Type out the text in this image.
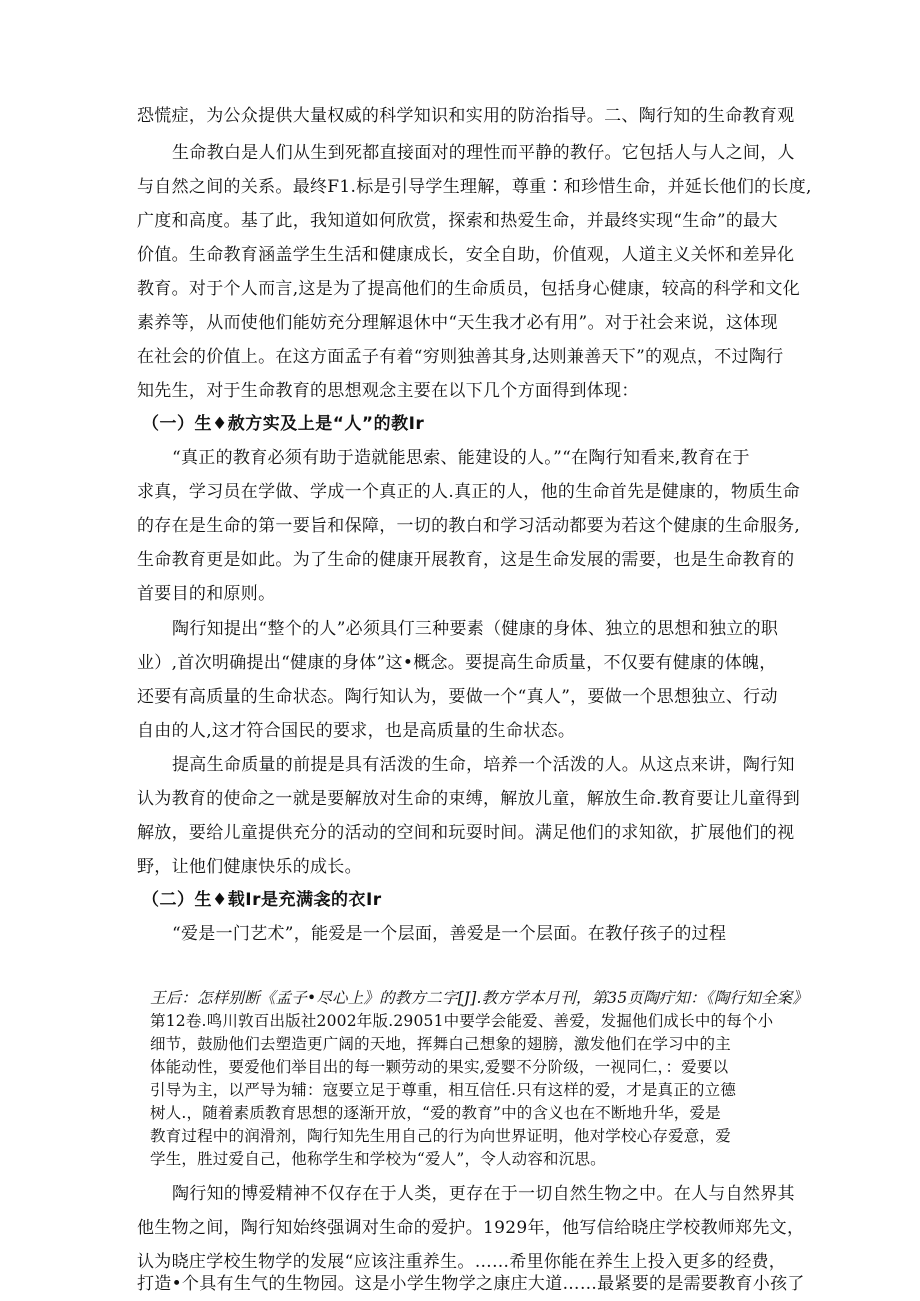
恐慌症，为公众提供大量权威的科学知识和实用的防治指导。二、陶行知的生命教育观
生命教白是人们从生到死都直接面对的理性而平静的教仔。它包括人与人之间，人
与自然之间的关系。最终F1.标是引导学生理解，尊重∶和珍惜生命，并延长他们的长度,
广度和高度。基了此，我知道如何欣赏，探索和热爱生命，并最终实现“生命”的最大
价值。生命教育涵盖学生生活和健康成长，安全自助，价值观，人道主义关怀和差异化
教育。对于个人而言,这是为了提高他们的生命质员，包括身心健康，较高的科学和文化
素养等，从而使他们能妨充分理解退休中“天生我才必有用”。对于社会来说，这体现
在社会的价值上。在这方面孟子有着“穷则独善其身,达则兼善天下”的观点，不过陶行
知先生，对于生命教育的思想观念主要在以下几个方面得到体现：
（一）生♦赦方实及上是“人”的教Ir
“真正的教育必须有助于造就能思索、能建设的人。”“在陶行知看来,教育在于
求真，学习员在学做、学成一个真正的人.真正的人，他的生命首先是健康的，物质生命
的存在是生命的第一要旨和保障，一切的教白和学习活动都要为若这个健康的生命服务,
生命教育更是如此。为了生命的健康开展教育，这是生命发展的需要，也是生命教育的
首要目的和原则。
陶行知提出“整个的人”必须具仃三种要素（健康的身体、独立的思想和独立的职
业）,首次明确提出“健康的身体”这•概念。要提高生命质量，不仅要有健康的体魄，
还要有高质量的生命状态。陶行知认为，要做一个“真人”，要做一个思想独立、行动
自由的人,这才符合国民的要求，也是高质量的生命状态。
提高生命质量的前提是具有活泼的生命，培养一个活泼的人。从这点来讲，陶行知
认为教育的使命之一就是要解放对生命的束缚，解放儿童，解放生命.教育要让儿童得到
解放，要给儿童提供充分的活动的空间和玩耍时间。满足他们的求知欲，扩展他们的视
野，让他们健康快乐的成长。
（二）生♦载Ir是充满衾的衣Ir
“爱是一门艺术”，能爱是一个层面，善爱是一个层面。在教仔孩子的过程
王后：怎样别断《孟子•尽心上》的教方二字[J].教方学本月刊，第35页陶疔知：《陶行知全案》
第12卷.鸣川敦百出版社2002年版.29051中要学会能爱、善爱，发掘他们成长中的每个小
细节，鼓励他们去塑造更广阔的天地，挥舞白己想象的翅膀，激发他们在学习中的主
体能动性，要爱他们举目出的每一颗劳动的果实,爱婴不分阶级，一视同仁，：爱要以
引导为主，以严导为辅：寇要立足于尊重，相互信任.只有这样的爱，才是真正的立德
树人.，随着素质教育思想的逐渐开放，“爱的教育”中的含义也在不断地升华，爱是
教育过程中的润滑剂，陶行知先生用自己的行为向世界证明，他对学校心存爱意，爱
学生，胜过爱自己，他称学生和学校为“爱人”，令人动容和沉思。
陶行知的博爱精神不仅存在于人类，更存在于一切自然生物之中。在人与自然界其
他生物之间，陶行知始终强调对生命的爱护。1929年，他写信给晓庄学校教师郑先文，
认为晓庄学校生物学的发展“应该注重养生。……希里你能在养生上投入更多的经费，
打造•个具有生气的生物园。这是小学生物学之康庄大道……最紧要的是需要教育小孩了
